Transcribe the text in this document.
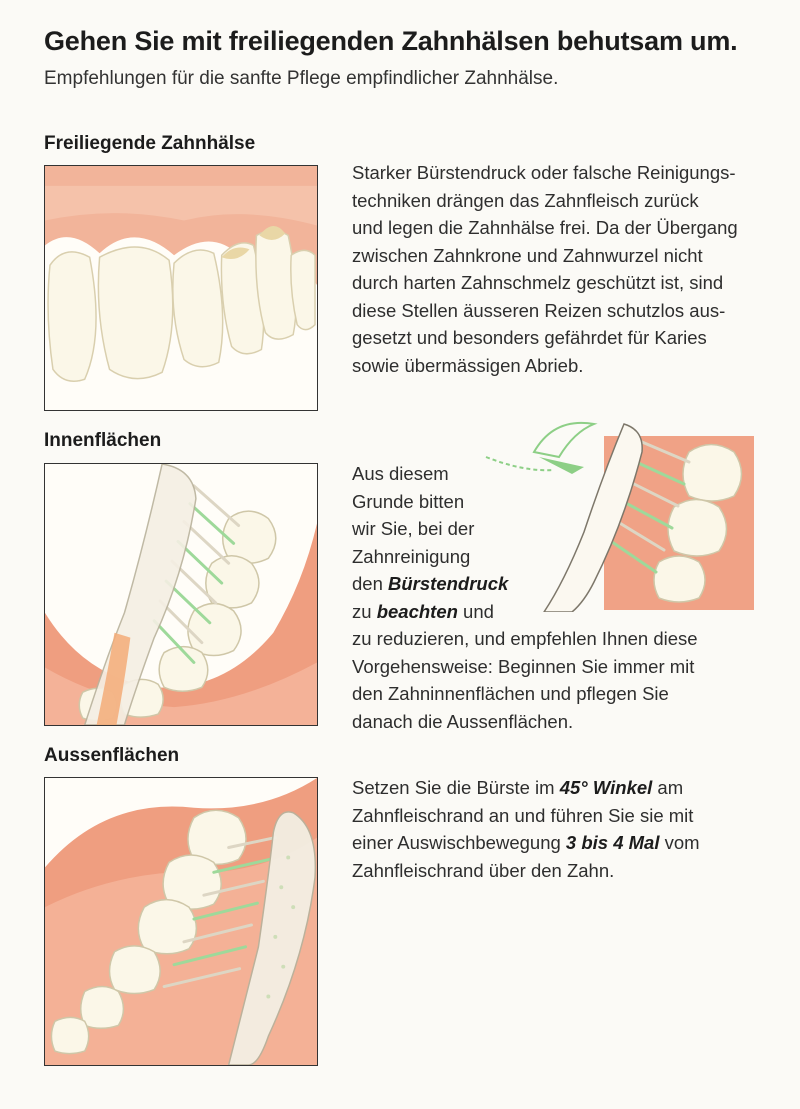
Gehen Sie mit freiliegenden Zahnhälsen behutsam um.

Empfehlungen für die sanfte Pflege empfindlicher Zahnhälse.

Freiliegende Zahnhälse

Starker Bürstendruck oder falsche Reinigungs-

techniken drängen das Zahnfleisch zurück

und legen die Zahnhälse frei. Da der Übergang

zwischen Zahnkrone und Zahnwurzel nicht

durch harten Zahnschmelz geschützt ist, sind

diese Stellen äusseren Reizen schutzlos aus-

gesetzt und besonders gefährdet für Karies

sowie übermässigen Abrieb.

Innenflächen

Aus diesem

Grunde bitten

wir Sie, bei der

Zahnreinigung

den Bürstendruck

zu beachten und

zu reduzieren, und empfehlen Ihnen diese

Vorgehensweise: Beginnen Sie immer mit

den Zahninnenflächen und pflegen Sie

danach die Aussenflächen.

Aussenflächen

Setzen Sie die Bürste im 45° Winkel am

Zahnfleischrand an und führen Sie sie mit

einer Auswischbewegung 3 bis 4 Mal vom

Zahnfleischrand über den Zahn.
